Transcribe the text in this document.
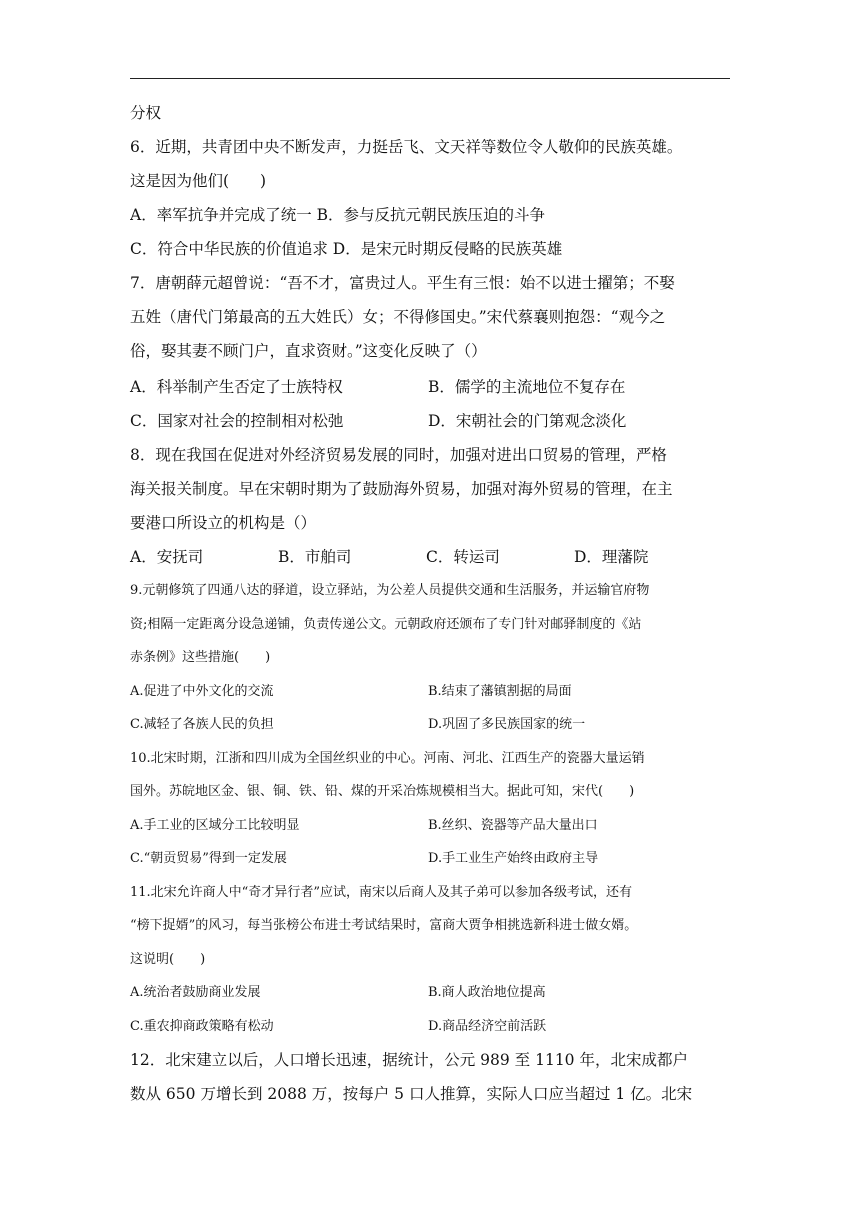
分权
6．近期，共青团中央不断发声，力挺岳飞、文天祥等数位令人敬仰的民族英雄。
这是因为他们(　　)
A．率军抗争并完成了统一 B．参与反抗元朝民族压迫的斗争
C．符合中华民族的价值追求 D．是宋元时期反侵略的民族英雄
7．唐朝薛元超曾说：“吾不才，富贵过人。平生有三恨：始不以进士擢第；不娶
五姓（唐代门第最高的五大姓氏）女；不得修国史。”宋代蔡襄则抱怨：“观今之
俗，娶其妻不顾门户，直求资财。”这变化反映了（）
A．科举制产生否定了士族特权	B．儒学的主流地位不复存在
C．国家对社会的控制相对松弛	D．宋朝社会的门第观念淡化
8．现在我国在促进对外经济贸易发展的同时，加强对进出口贸易的管理，严格
海关报关制度。早在宋朝时期为了鼓励海外贸易，加强对海外贸易的管理，在主
要港口所设立的机构是（）
A．安抚司	B．市舶司	C．转运司	D．理藩院
9.元朝修筑了四通八达的驿道，设立驿站，为公差人员提供交通和生活服务，并运输官府物
资;相隔一定距离分设急递铺，负责传递公文。元朝政府还颁布了专门针对邮驿制度的《站
赤条例》这些措施(　　)
A.促进了中外文化的交流	B.结束了藩镇割据的局面
C.减轻了各族人民的负担	D.巩固了多民族国家的统一
10.北宋时期，江浙和四川成为全国丝织业的中心。河南、河北、江西生产的瓷器大量运销
国外。苏皖地区金、银、铜、铁、铅、煤的开采冶炼规模相当大。据此可知，宋代(　　)
A.手工业的区域分工比较明显	B.丝织、瓷器等产品大量出口
C.“朝贡贸易”得到一定发展	D.手工业生产始终由政府主导
11.北宋允许商人中“奇才异行者”应试，南宋以后商人及其子弟可以参加各级考试，还有
“榜下捉婿”的风习，每当张榜公布进士考试结果时，富商大贾争相挑选新科进士做女婿。
这说明(　　)
A.统治者鼓励商业发展	B.商人政治地位提高
C.重农抑商政策略有松动	D.商品经济空前活跃
12．北宋建立以后，人口增长迅速，据统计，公元 989 至 1110 年，北宋成都户
数从 650 万增长到 2088 万，按每户 5 口人推算，实际人口应当超过 1 亿。北宋
